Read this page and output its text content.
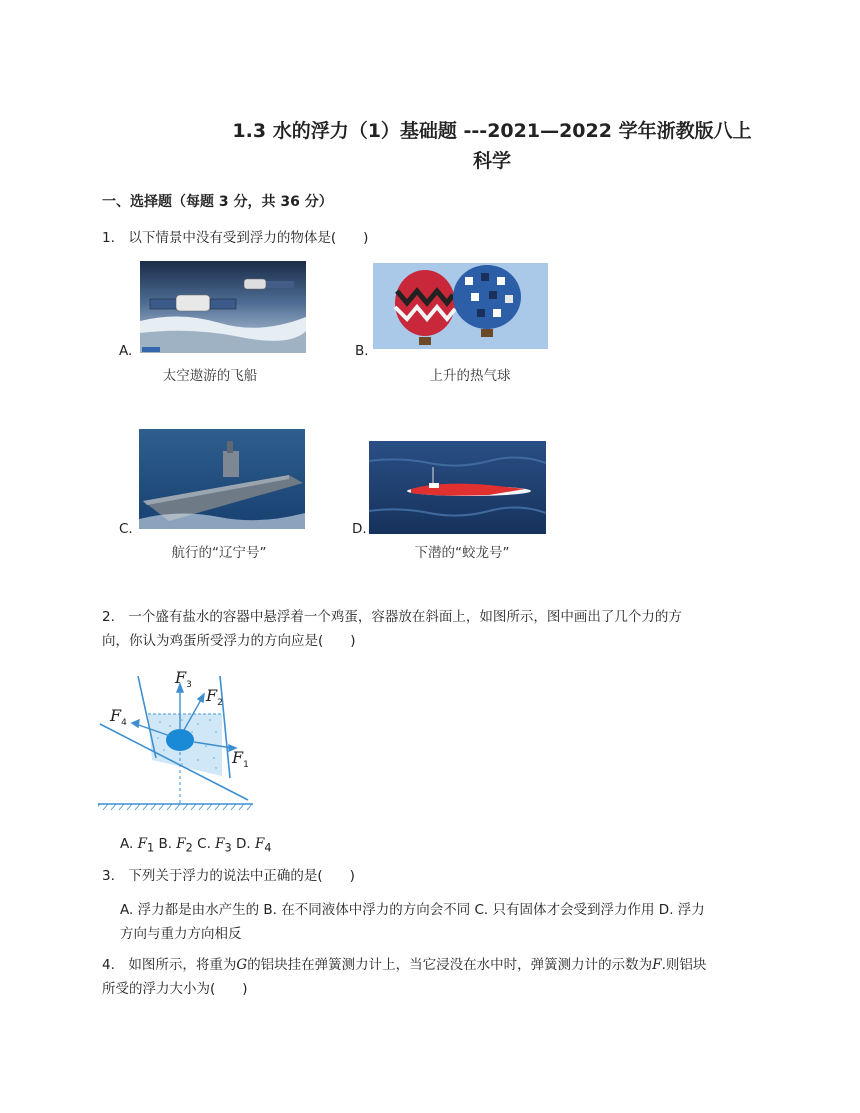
1.3 水的浮力（1）基础题 ---2021—2022 学年浙教版八上科学
一、选择题（每题 3 分，共 36 分）
1.　以下情景中没有受到浮力的物体是(　　)
A.
太空遨游的飞船
B.
上升的热气球
C.
航行的“辽宁号”
D.
下潜的“蛟龙号”
2.　一个盛有盐水的容器中悬浮着一个鸡蛋，容器放在斜面上，如图所示，图中画出了几个力的方
向，你认为鸡蛋所受浮力的方向应是(　　)
$F_3$
$F_2$
$F_4$
$F_1$
A. $F_1$ B. $F_2$ C. $F_3$ D. $F_4$
3.　下列关于浮力的说法中正确的是(　　)
A. 浮力都是由水产生的 B. 在不同液体中浮力的方向会不同 C. 只有固体才会受到浮力作用 D. 浮力
方向与重力方向相反
4.　如图所示，将重为G的铝块挂在弹簧测力计上，当它浸没在水中时，弹簧测力计的示数为F.则铝块
所受的浮力大小为(　　)
